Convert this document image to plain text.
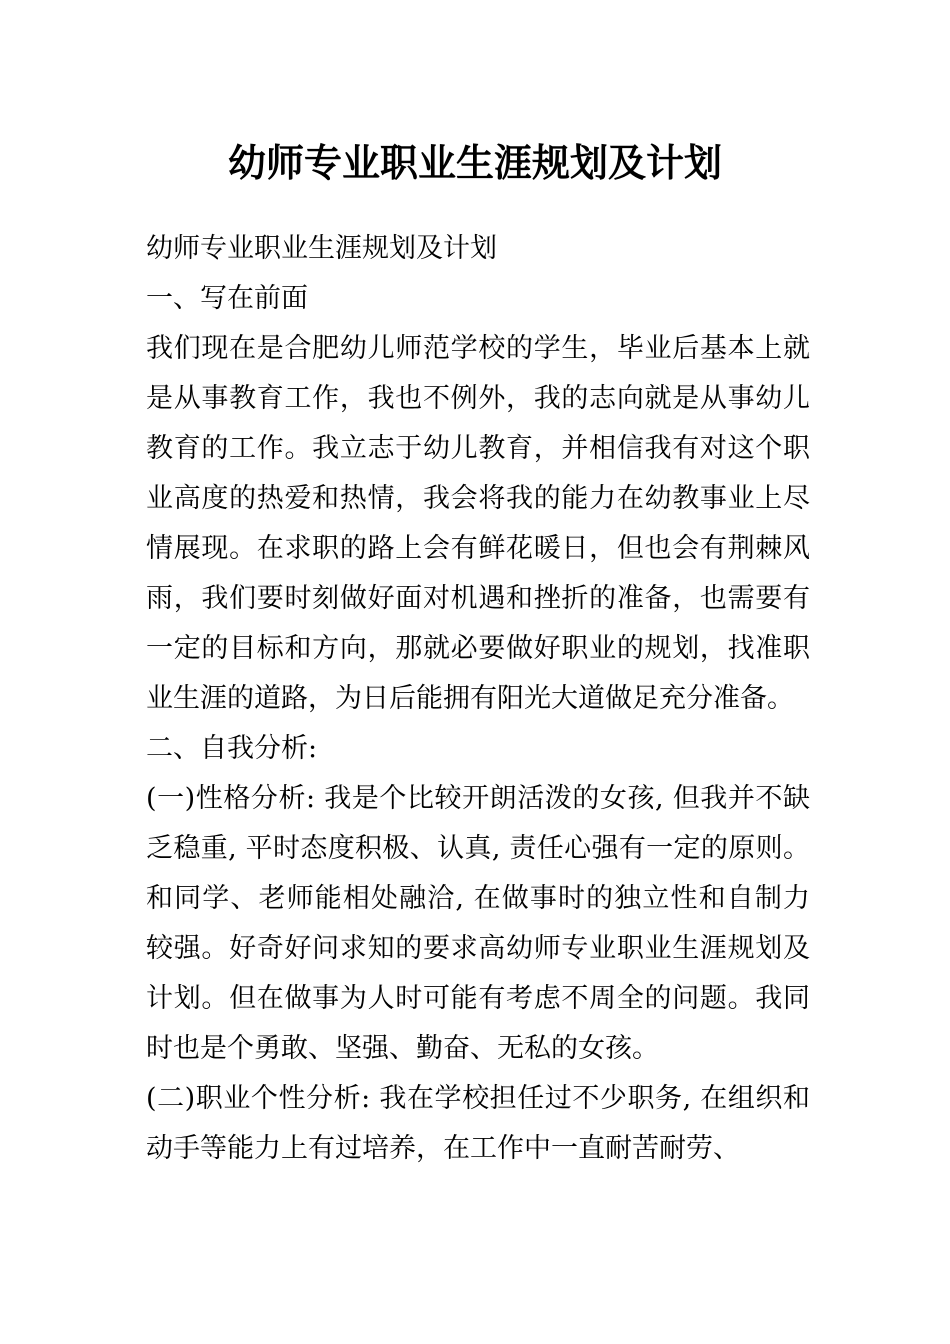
幼师专业职业生涯规划及计划

幼师专业职业生涯规划及计划

一、写在前面

我们现在是合肥幼儿师范学校的学生，毕业后基本上就是从事教育工作，我也不例外，我的志向就是从事幼儿教育的工作。我立志于幼儿教育，并相信我有对这个职业高度的热爱和热情，我会将我的能力在幼教事业上尽情展现。在求职的路上会有鲜花暖日，但也会有荆棘风雨，我们要时刻做好面对机遇和挫折的准备，也需要有一定的目标和方向，那就必要做好职业的规划，找准职业生涯的道路，为日后能拥有阳光大道做足充分准备。

二、自我分析:

(一)性格分析: 我是个比较开朗活泼的女孩, 但我并不缺乏稳重, 平时态度积极、认真, 责任心强有一定的原则。和同学、老师能相处融洽, 在做事时的独立性和自制力较强。好奇好问求知的要求高幼师专业职业生涯规划及计划。但在做事为人时可能有考虑不周全的问题。我同时也是个勇敢、坚强、勤奋、无私的女孩。

(二)职业个性分析: 我在学校担任过不少职务, 在组织和动手等能力上有过培养，在工作中一直耐苦耐劳、
